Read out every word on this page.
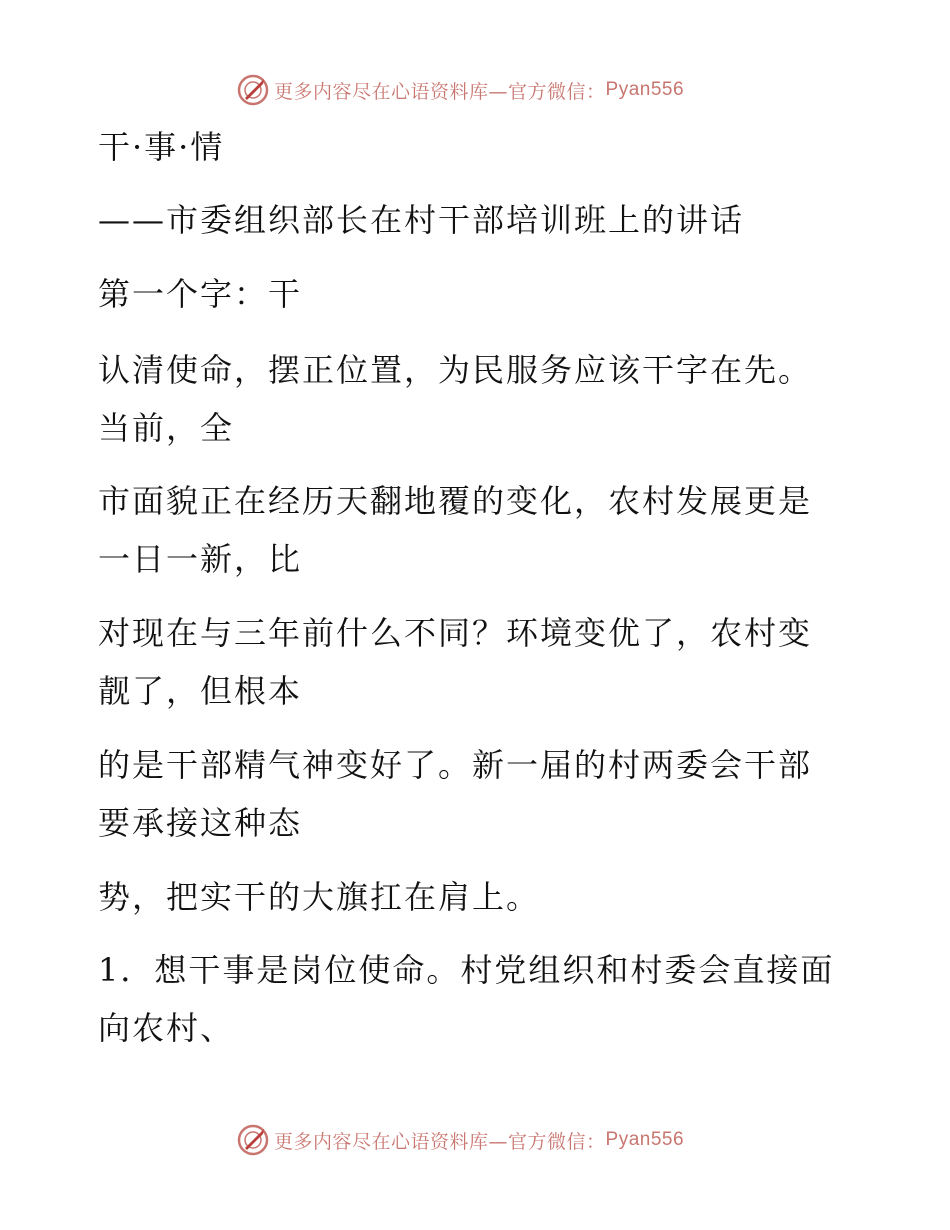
更多内容尽在心语资料库—官方微信： Pyan556
干·事·情
——市委组织部长在村干部培训班上的讲话
第一个字：干
认清使命，摆正位置，为民服务应该干字在先。
当前，全
市面貌正在经历天翻地覆的变化，农村发展更是
一日一新，比
对现在与三年前什么不同？环境变优了，农村变
靓了，但根本
的是干部精气神变好了。新一届的村两委会干部
要承接这种态
势，把实干的大旗扛在肩上。
1．想干事是岗位使命。村党组织和村委会直接面
向农村、
更多内容尽在心语资料库—官方微信： Pyan556
